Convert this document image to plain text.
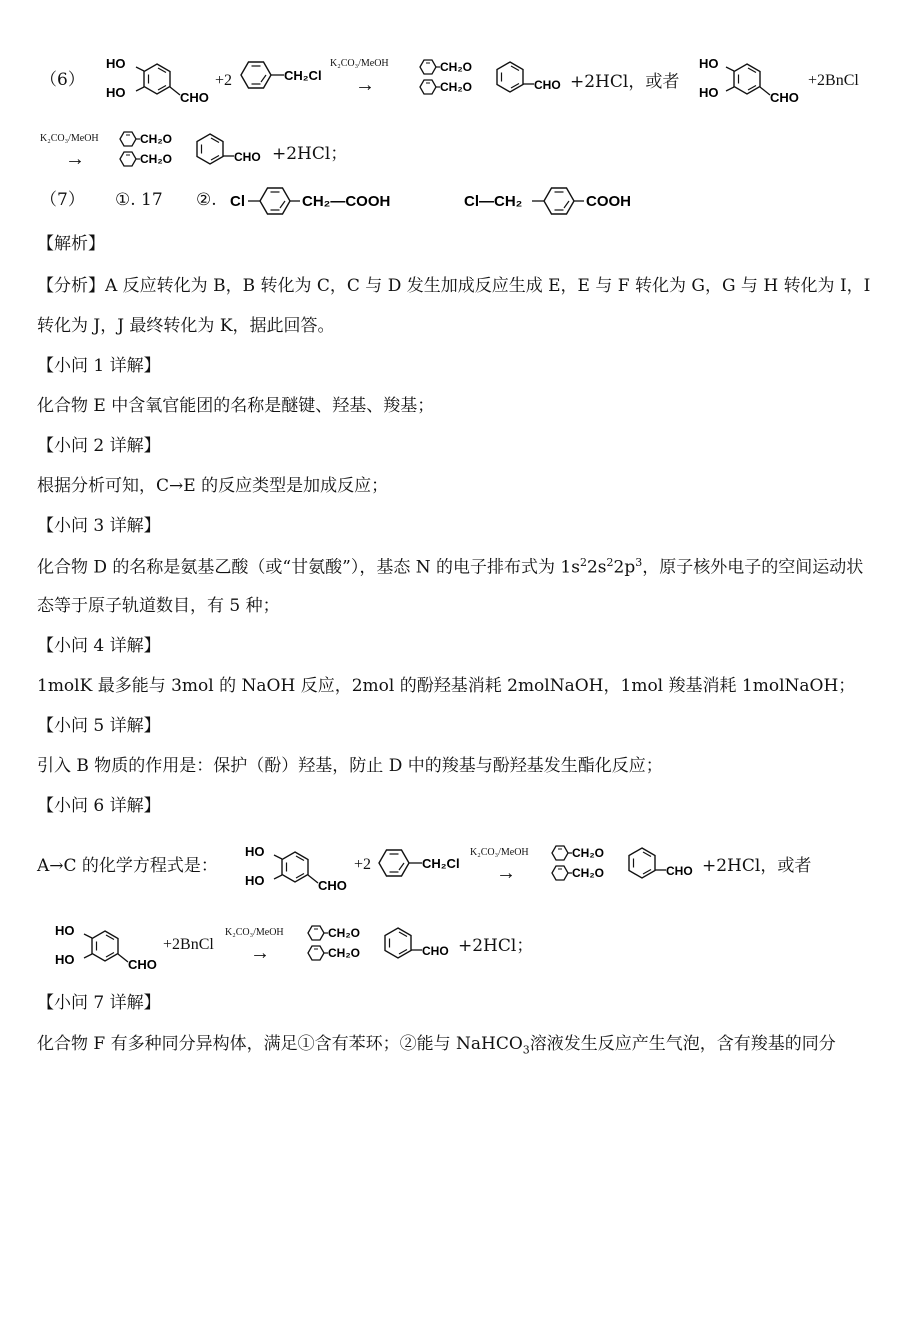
（6）
HO
HO	CHO
+2	CH₂Cl
K₂CO₃/MeOH
→
CH₂O
CH₂O	CHO +2HCl，或者
HO
HO	CHO
+2BnCl
K₂CO₃/MeOH
→
CH₂O
CH₂O	CHO +2HCl；
（7） ①. 17 ②. Cl	CH₂—COOH	Cl—CH₂	COOH
【解析】
【分析】A 反应转化为 B，B 转化为 C，C 与 D 发生加成反应生成 E，E 与 F 转化为 G，G 与 H 转化为 I，I
转化为 J，J 最终转化为 K，据此回答。
【小问 1 详解】
化合物 E 中含氧官能团的名称是醚键、羟基、羧基；
【小问 2 详解】
根据分析可知，C→E 的反应类型是加成反应；
【小问 3 详解】
化合物 D 的名称是氨基乙酸（或“甘氨酸”），基态 N 的电子排布式为 $1s^22s^22p^3$，原子核外电子的空间运动状
态等于原子轨道数目，有 5 种；
【小问 4 详解】
1molK 最多能与 3mol 的 NaOH 反应，2mol 的酚羟基消耗 2molNaOH，1mol 羧基消耗 1molNaOH；
【小问 5 详解】
引入 B 物质的作用是：保护（酚）羟基，防止 D 中的羧基与酚羟基发生酯化反应；
【小问 6 详解】
A→C 的化学方程式是：
HO
HO	CHO
+2	CH₂Cl
K₂CO₃/MeOH
→
CH₂O
CH₂O	CHO +2HCl，或者
HO
HO	CHO
+2BnCl
K₂CO₃/MeOH
→
CH₂O
CH₂O	CHO +2HCl；
【小问 7 详解】
化合物 F 有多种同分异构体，满足①含有苯环；②能与 NaHCO$_3$溶液发生反应产生气泡，含有羧基的同分
